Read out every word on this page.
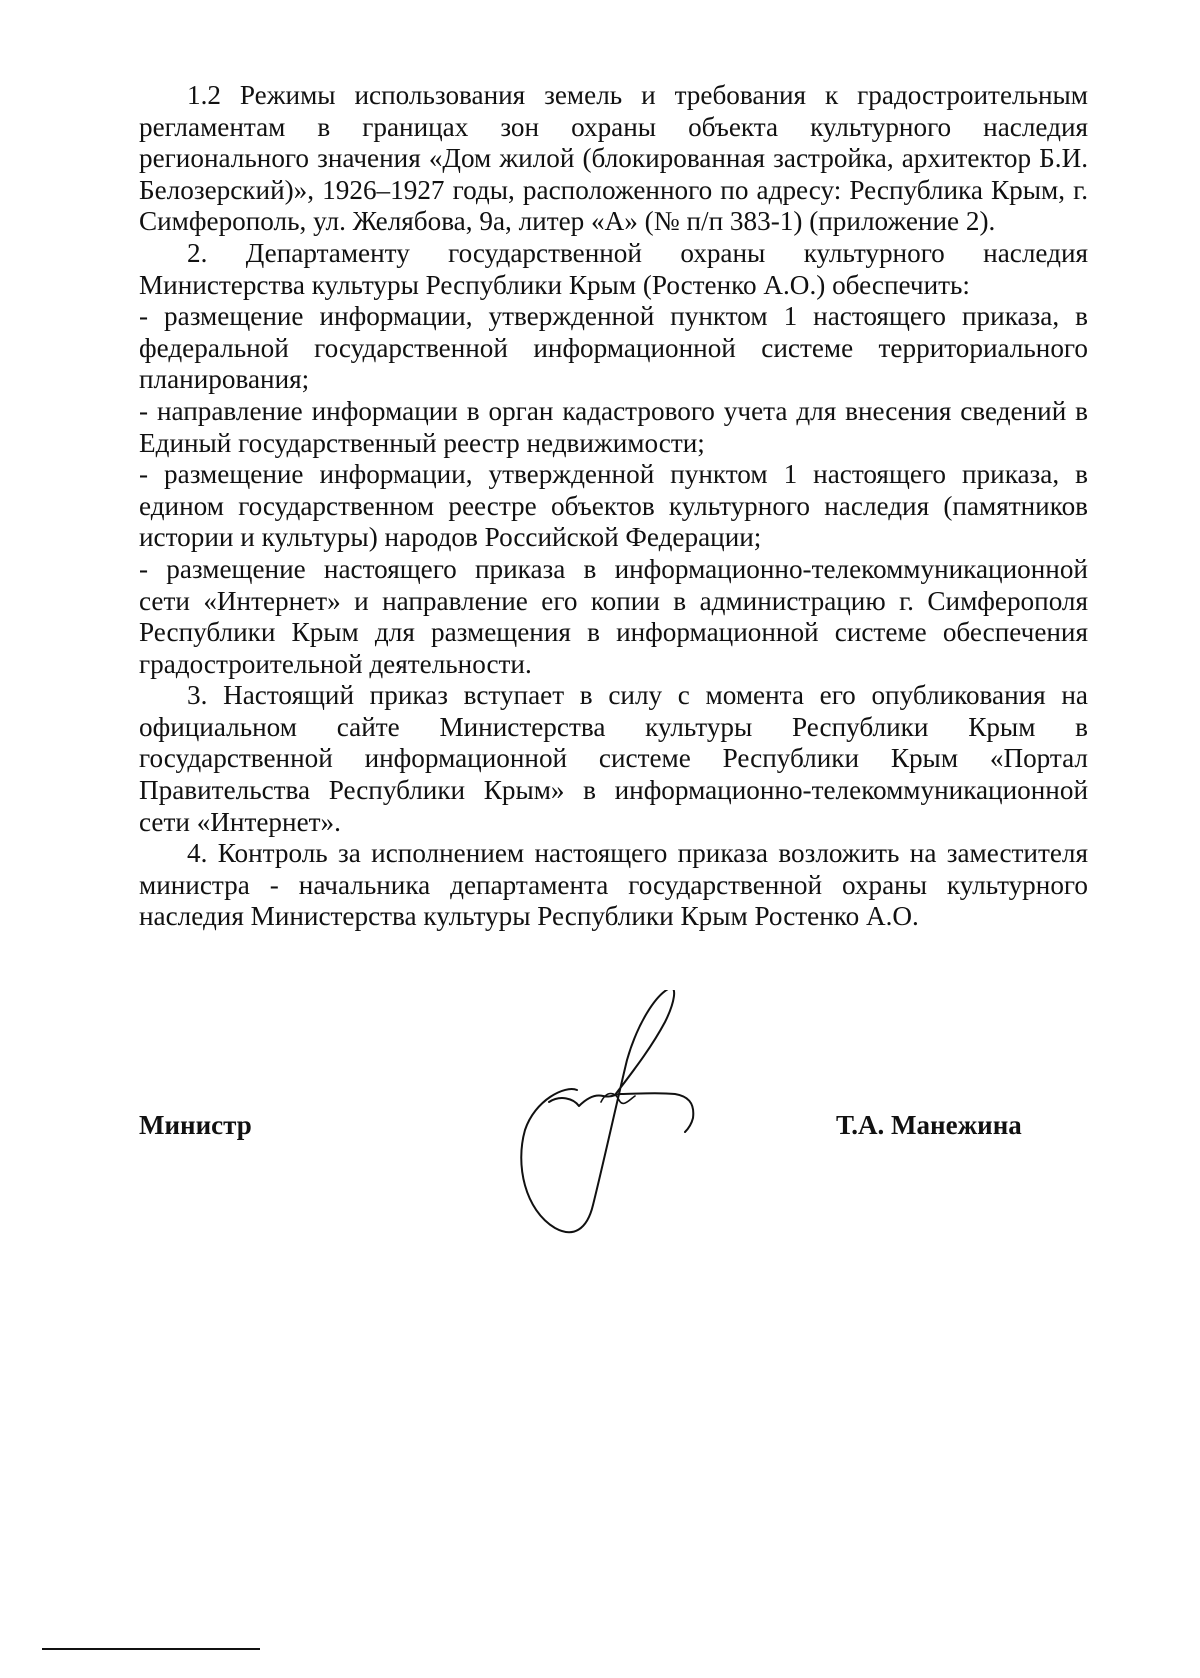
1.2 Режимы использования земель и требования к градостроительным регламентам в границах зон охраны объекта культурного наследия регионального значения «Дом жилой (блокированная застройка, архитектор Б.И. Белозерский)», 1926–1927 годы, расположенного по адресу: Республика Крым, г. Симферополь, ул. Желябова, 9а, литер «А» (№ п/п 383-1) (приложение 2).

2. Департаменту государственной охраны культурного наследия Министерства культуры Республики Крым (Ростенко А.О.) обеспечить:

- размещение информации, утвержденной пунктом 1 настоящего приказа, в федеральной государственной информационной системе территориального планирования;

- направление информации в орган кадастрового учета для внесения сведений в Единый государственный реестр недвижимости;

- размещение информации, утвержденной пунктом 1 настоящего приказа, в едином государственном реестре объектов культурного наследия (памятников истории и культуры) народов Российской Федерации;

- размещение настоящего приказа в информационно-телекоммуникационной сети «Интернет» и направление его копии в администрацию г. Симферополя Республики Крым для размещения в информационной системе обеспечения градостроительной деятельности.

3. Настоящий приказ вступает в силу с момента его опубликования на официальном сайте Министерства культуры Республики Крым в государственной информационной системе Республики Крым «Портал Правительства Республики Крым» в информационно-телекоммуникационной сети «Интернет».

4. Контроль за исполнением настоящего приказа возложить на заместителя министра - начальника департамента государственной охраны культурного наследия Министерства культуры Республики Крым Ростенко А.О.

Министр	Т.А. Манежина
